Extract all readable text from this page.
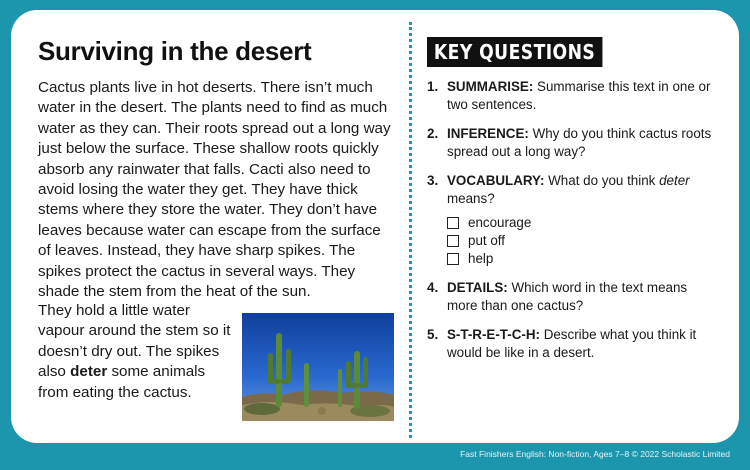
Surviving in the desert

Cactus plants live in hot deserts. There isn’t much water in the desert. The plants need to find as much water as they can. Their roots spread out a long way just below the surface. These shallow roots quickly absorb any rainwater that falls. Cacti also need to avoid losing the water they get. They have thick stems where they store the water. They don’t have leaves because water can escape from the surface of leaves. Instead, they have sharp spikes. The spikes protect the cactus in several ways. They shade the stem from the heat of the sun.

They hold a little water vapour around the stem so it doesn’t dry out. The spikes also deter some animals from eating the cactus.
KEY QUESTIONS
1. SUMMARISE: Summarise this text in one or two sentences.
2. INFERENCE: Why do you think cactus roots spread out a long way?
3. VOCABULARY: What do you think deter means?
encourage
put off
help
4. DETAILS: Which word in the text means more than one cactus?
5. S-T-R-E-T-C-H: Describe what you think it would be like in a desert.
Fast Finishers English: Non-fiction, Ages 7–8 © 2022 Scholastic Limited
